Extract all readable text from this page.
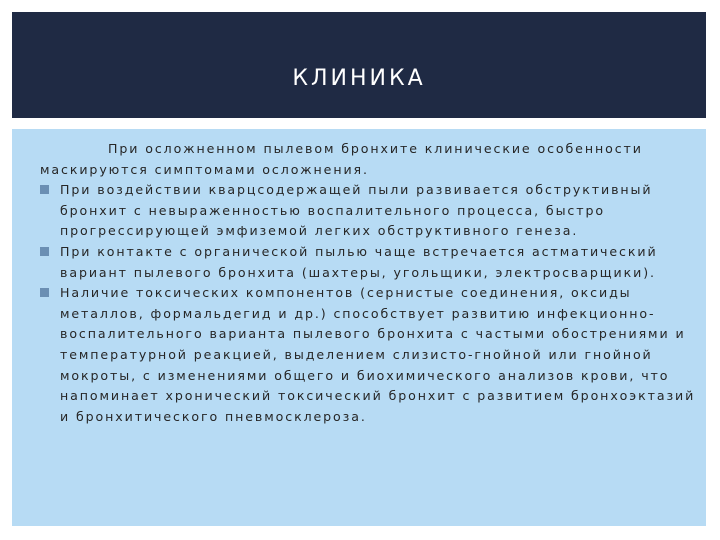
КЛИНИКА

При осложненном пылевом бронхите клинические особенности маскируются симптомами осложнения.

При воздействии кварцсодержащей пыли развивается обструктивный бронхит с невыраженностью воспалительного процесса, быстро прогрессирующей эмфиземой легких обструктивного генеза.
При контакте с органической пылью чаще встречается астматический вариант пылевого бронхита (шахтеры, угольщики, электросварщики).
Наличие токсических компонентов (сернистые соединения, оксиды металлов, формальдегид и др.) способствует развитию инфекционно-воспалительного варианта пылевого бронхита с частыми обострениями и температурной реакцией, выделением слизисто-гнойной или гнойной мокроты, с изменениями общего и биохимического анализов крови, что напоминает хронический токсический бронхит с развитием бронхоэктазий и бронхитического пневмосклероза.
